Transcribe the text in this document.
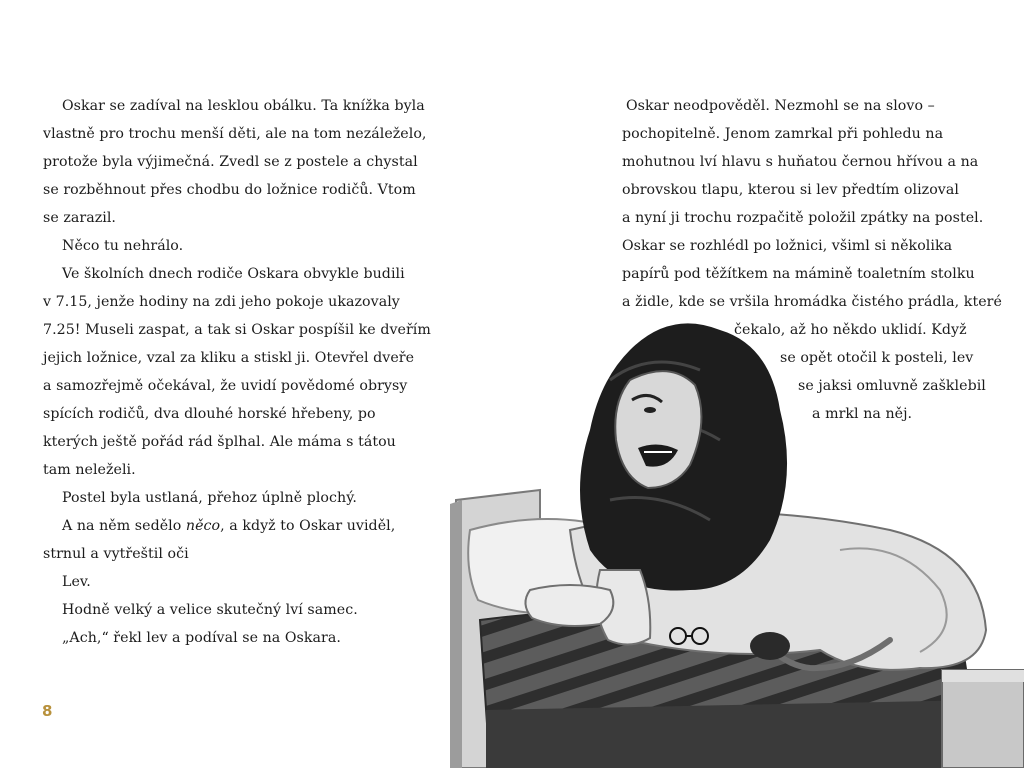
Oskar se zadíval na lesklou obálku. Ta knížka byla
vlastně pro trochu menší děti, ale na tom nezáleželo,
protože byla výjimečná. Zvedl se z postele a chystal
se rozběhnout přes chodbu do ložnice rodičů. Vtom
se zarazil.
Něco tu nehrálo.
Ve školních dnech rodiče Oskara obvykle budili
v 7.15, jenže hodiny na zdi jeho pokoje ukazovaly
7.25! Museli zaspat, a tak si Oskar pospíšil ke dveřím
jejich ložnice, vzal za kliku a stiskl ji. Otevřel dveře
a samozřejmě očekával, že uvidí povědomé obrysy
spících rodičů, dva dlouhé horské hřebeny, po
kterých ještě pořád rád šplhal. Ale máma s tátou
tam neleželi.
Postel byla ustlaná, přehoz úplně plochý.
A na něm sedělo něco, a když to Oskar uviděl,
strnul a vytřeštil oči
Lev.
Hodně velký a velice skutečný lví samec.
„Ach,“ řekl lev a podíval se na Oskara.
8
Oskar neodpověděl. Nezmohl se na slovo –
pochopitelně. Jenom zamrkal při pohledu na
mohutnou lví hlavu s huňatou černou hřívou a na
obrovskou tlapu, kterou si lev předtím olizoval
a nyní ji trochu rozpačitě položil zpátky na postel.
Oskar se rozhlédl po ložnici, všiml si několika
papírů pod těžítkem na mámině toaletním stolku
a židle, kde se vršila hromádka čistého prádla, které
čekalo, až ho někdo uklidí. Když
se opět otočil k posteli, lev
se jaksi omluvně zašklebil
a mrkl na něj.
